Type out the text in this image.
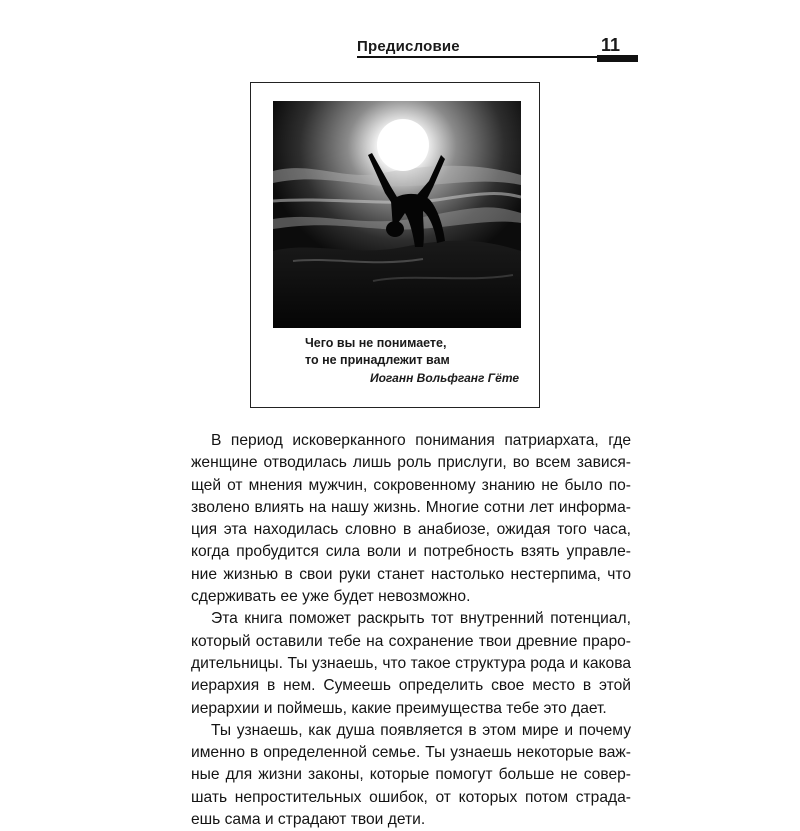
Предисловие	11
Чего вы не понимаете,
то не принадлежит вам
Иоганн Вольфганг Гёте
В период исковерканного понимания патриархата, где
женщине отводилась лишь роль прислуги, во всем завися-
щей от мнения мужчин, сокровенному знанию не было по-
зволено влиять на нашу жизнь. Многие сотни лет информа-
ция эта находилась словно в анабиозе, ожидая того часа,
когда пробудится сила воли и потребность взять управле-
ние жизнью в свои руки станет настолько нестерпима, что
сдерживать ее уже будет невозможно.
Эта книга поможет раскрыть тот внутренний потенциал,
который оставили тебе на сохранение твои древние праро-
дительницы. Ты узнаешь, что такое структура рода и какова
иерархия в нем. Сумеешь определить свое место в этой
иерархии и поймешь, какие преимущества тебе это дает.
Ты узнаешь, как душа появляется в этом мире и почему
именно в определенной семье. Ты узнаешь некоторые важ-
ные для жизни законы, которые помогут больше не совер-
шать непростительных ошибок, от которых потом страда-
ешь сама и страдают твои дети.
